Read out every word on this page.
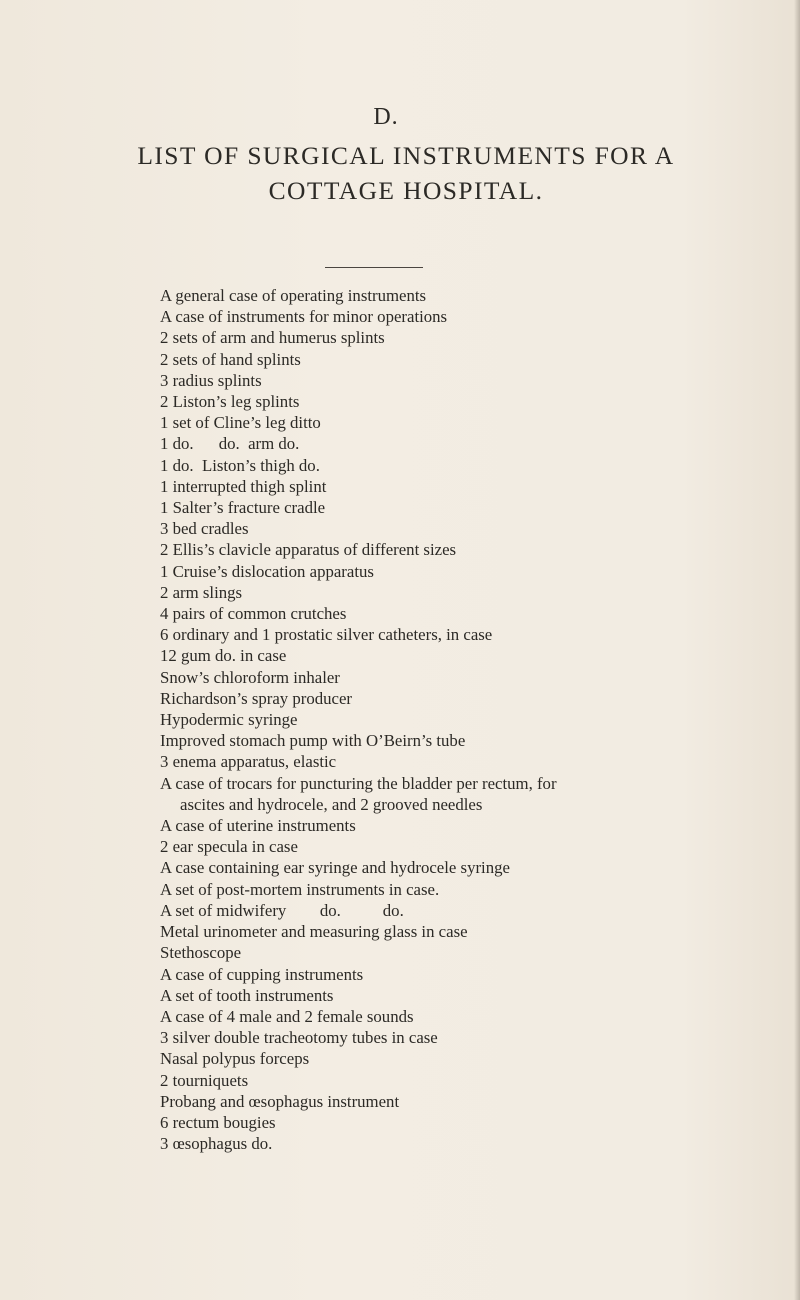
D.
LIST OF SURGICAL INSTRUMENTS FOR A
COTTAGE HOSPITAL.
A general case of operating instruments
A case of instruments for minor operations
2 sets of arm and humerus splints
2 sets of hand splints
3 radius splints
2 Liston’s leg splints
1 set of Cline’s leg ditto
1 do.      do.  arm do.
1 do.  Liston’s thigh do.
1 interrupted thigh splint
1 Salter’s fracture cradle
3 bed cradles
2 Ellis’s clavicle apparatus of different sizes
1 Cruise’s dislocation apparatus
2 arm slings
4 pairs of common crutches
6 ordinary and 1 prostatic silver catheters, in case
12 gum do. in case
Snow’s chloroform inhaler
Richardson’s spray producer
Hypodermic syringe
Improved stomach pump with O’Beirn’s tube
3 enema apparatus, elastic
A case of trocars for puncturing the bladder per rectum, for
ascites and hydrocele, and 2 grooved needles
A case of uterine instruments
2 ear specula in case
A case containing ear syringe and hydrocele syringe
A set of post-mortem instruments in case.
A set of midwifery        do.          do.
Metal urinometer and measuring glass in case
Stethoscope
A case of cupping instruments
A set of tooth instruments
A case of 4 male and 2 female sounds
3 silver double tracheotomy tubes in case
Nasal polypus forceps
2 tourniquets
Probang and œsophagus instrument
6 rectum bougies
3 œsophagus do.
